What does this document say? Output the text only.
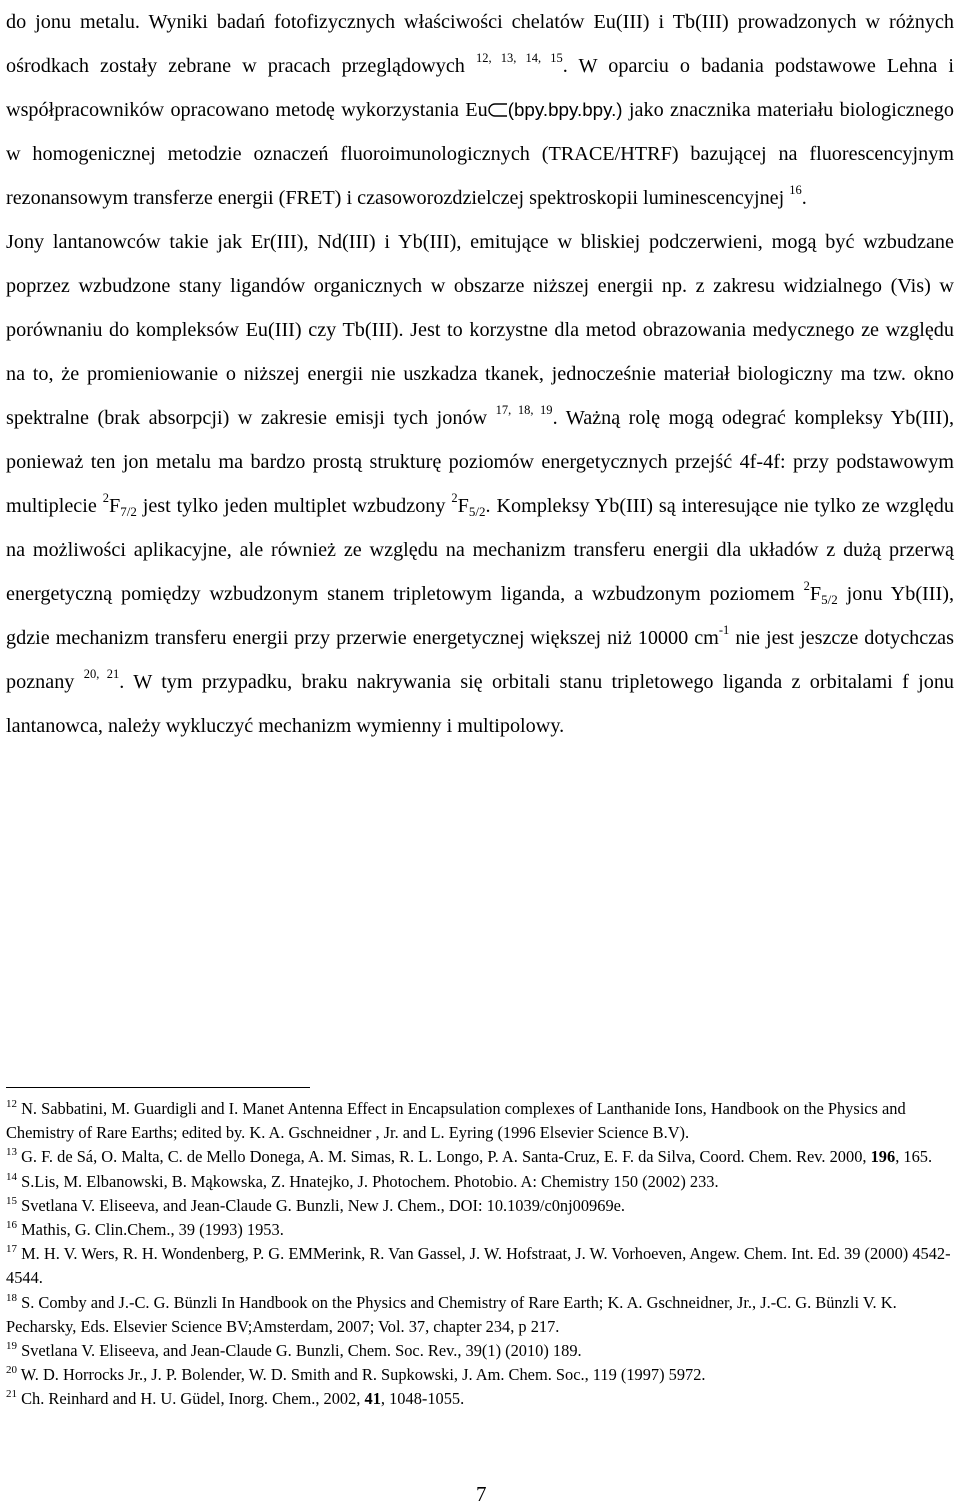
do jonu metalu. Wyniki badań fotofizycznych właściwości chelatów Eu(III) i Tb(III) prowadzonych w różnych ośrodkach zostały zebrane w pracach przeglądowych $^{12, 13, 14, 15}$. W oparciu o badania podstawowe Lehna i współpracowników opracowano metodę wykorzystania Eu (bpy.bpy.bpy.) jako znacznika materiału biologicznego w homogenicznej metodzie oznaczeń fluoroimunologicznych (TRACE/HTRF) bazującej na fluorescencyjnym rezonansowym transferze energii (FRET) i czasoworozdzielczej spektroskopii luminescencyjnej $^{16}$.

Jony lantanowców takie jak Er(III), Nd(III) i Yb(III), emitujące w bliskiej podczerwieni, mogą być wzbudzane poprzez wzbudzone stany ligandów organicznych w obszarze niższej energii np. z zakresu widzialnego (Vis) w porównaniu do kompleksów Eu(III) czy Tb(III). Jest to korzystne dla metod obrazowania medycznego ze względu na to, że promieniowanie o niższej energii nie uszkadza tkanek, jednocześnie materiał biologiczny ma tzw. okno spektralne (brak absorpcji) w zakresie emisji tych jonów $^{17, 18, 19}$. Ważną rolę mogą odegrać kompleksy Yb(III), ponieważ ten jon metalu ma bardzo prostą strukturę poziomów energetycznych przejść 4f-4f: przy podstawowym multiplecie $^2F_{7/2}$ jest tylko jeden multiplet wzbudzony $^2F_{5/2}$. Kompleksy Yb(III) są interesujące nie tylko ze względu na możliwości aplikacyjne, ale również ze względu na mechanizm transferu energii dla układów z dużą przerwą energetyczną pomiędzy wzbudzonym stanem tripletowym liganda, a wzbudzonym poziomem $^2F_{5/2}$ jonu Yb(III), gdzie mechanizm transferu energii przy przerwie energetycznej większej niż 10000 $cm^{-1}$ nie jest jeszcze dotychczas poznany $^{20, 21}$. W tym przypadku, braku nakrywania się orbitali stanu tripletowego liganda z orbitalami f jonu lantanowca, należy wykluczyć mechanizm wymienny i multipolowy.

$^{12}$ N. Sabbatini, M. Guardigli and I. Manet Antenna Effect in Encapsulation complexes of Lanthanide Ions, Handbook on the Physics and Chemistry of Rare Earths; edited by. K. A. Gschneidner , Jr. and L. Eyring (1996 Elsevier Science B.V).

$^{13}$ G. F. de Sá, O. Malta, C. de Mello Donega, A. M. Simas, R. L. Longo, P. A. Santa-Cruz, E. F. da Silva, Coord. Chem. Rev. 2000, 196, 165.

$^{14}$ S.Lis, M. Elbanowski, B. Mąkowska, Z. Hnatejko, J. Photochem. Photobio. A: Chemistry 150 (2002) 233.

$^{15}$ Svetlana V. Eliseeva, and Jean-Claude G. Bunzli, New J. Chem., DOI: 10.1039/c0nj00969e.

$^{16}$ Mathis, G. Clin.Chem., 39 (1993) 1953.

$^{17}$ M. H. V. Wers, R. H. Wondenberg, P. G. EMMerink, R. Van Gassel, J. W. Hofstraat, J. W. Vorhoeven, Angew. Chem. Int. Ed. 39 (2000) 4542-4544.

$^{18}$ S. Comby and J.-C. G. Bünzli In Handbook on the Physics and Chemistry of Rare Earth; K. A. Gschneidner, Jr., J.-C. G. Bünzli V. K. Pecharsky, Eds. Elsevier Science BV;Amsterdam, 2007; Vol. 37, chapter 234, p 217.

$^{19}$ Svetlana V. Eliseeva, and Jean-Claude G. Bunzli, Chem. Soc. Rev., 39(1) (2010) 189.

$^{20}$ W. D. Horrocks Jr., J. P. Bolender, W. D. Smith and R. Supkowski, J. Am. Chem. Soc., 119 (1997) 5972.

$^{21}$ Ch. Reinhard and H. U. Güdel, Inorg. Chem., 2002, 41, 1048-1055.

7
